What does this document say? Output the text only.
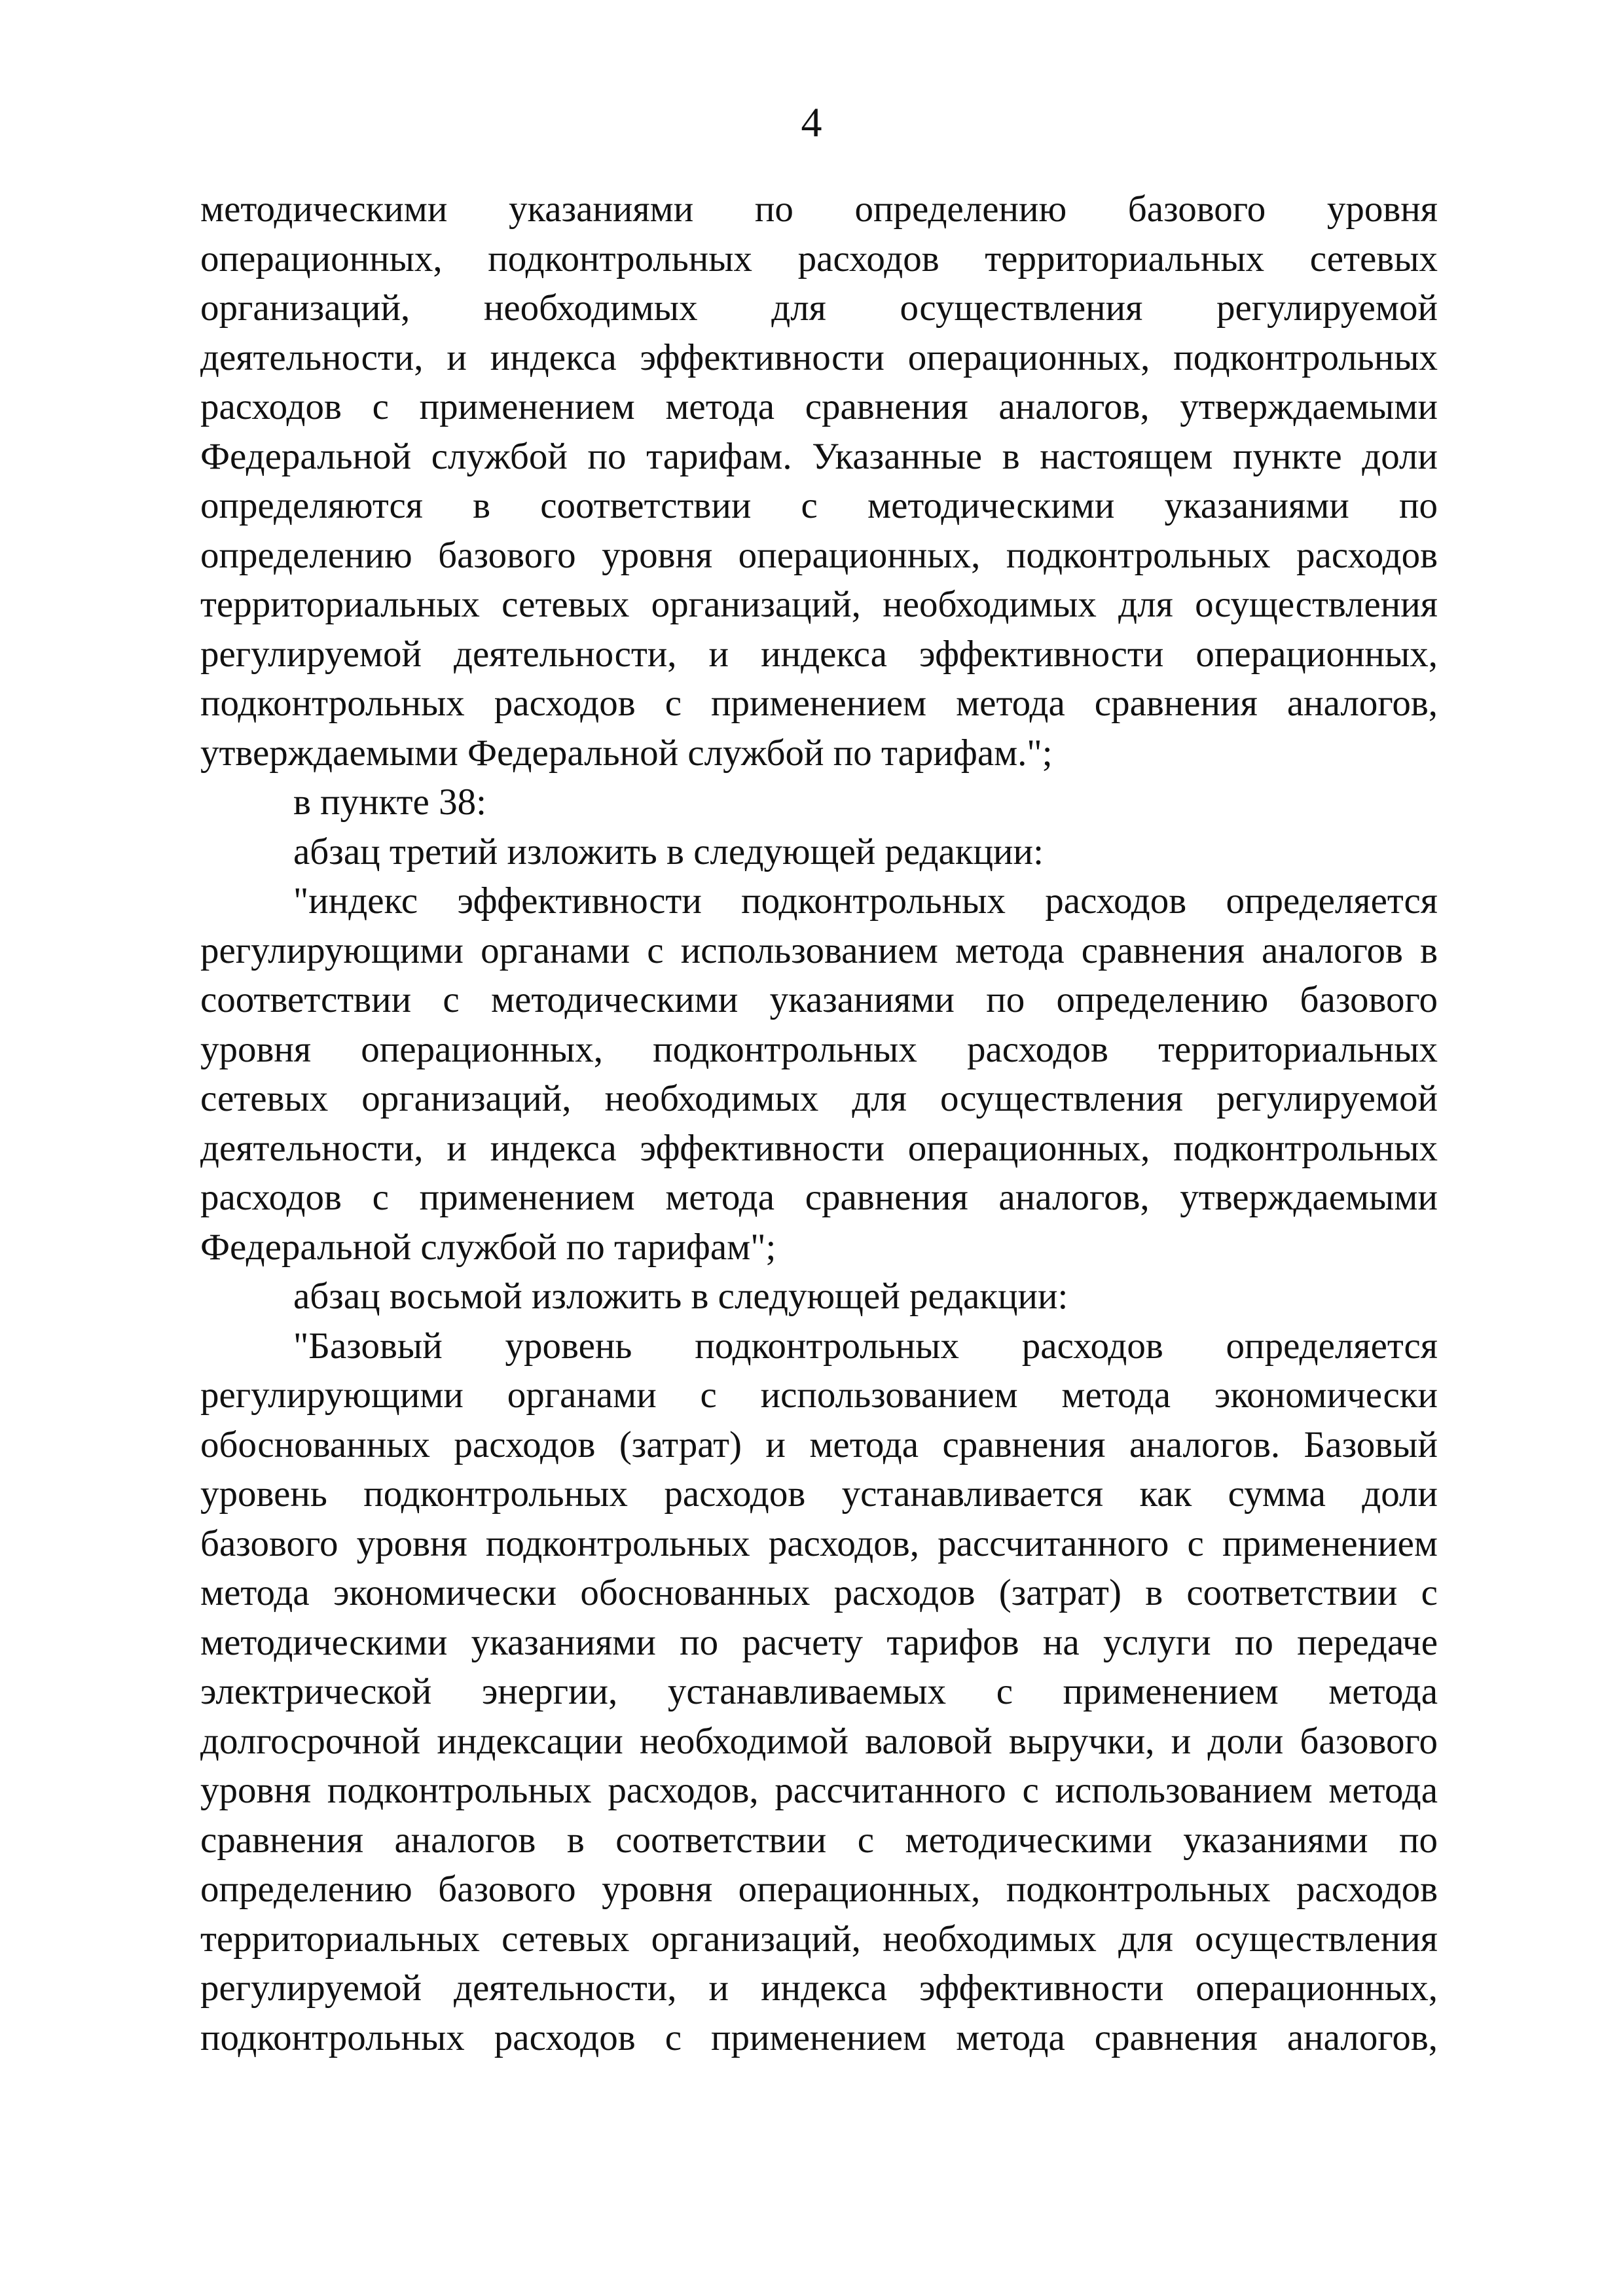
4
методическими указаниями по определению базового уровня
операционных, подконтрольных расходов территориальных сетевых
организаций, необходимых для осуществления регулируемой
деятельности, и индекса эффективности операционных, подконтрольных
расходов с применением метода сравнения аналогов, утверждаемыми
Федеральной службой по тарифам. Указанные в настоящем пункте доли
определяются в соответствии с методическими указаниями по
определению базового уровня операционных, подконтрольных расходов
территориальных сетевых организаций, необходимых для осуществления
регулируемой деятельности, и индекса эффективности операционных,
подконтрольных расходов с применением метода сравнения аналогов,
утверждаемыми Федеральной службой по тарифам.";
в пункте 38:
абзац третий изложить в следующей редакции:
"индекс эффективности подконтрольных расходов определяется
регулирующими органами с использованием метода сравнения аналогов в
соответствии с методическими указаниями по определению базового
уровня операционных, подконтрольных расходов территориальных
сетевых организаций, необходимых для осуществления регулируемой
деятельности, и индекса эффективности операционных, подконтрольных
расходов с применением метода сравнения аналогов, утверждаемыми
Федеральной службой по тарифам";
абзац восьмой изложить в следующей редакции:
"Базовый уровень подконтрольных расходов определяется
регулирующими органами с использованием метода экономически
обоснованных расходов (затрат) и метода сравнения аналогов. Базовый
уровень подконтрольных расходов устанавливается как сумма доли
базового уровня подконтрольных расходов, рассчитанного с применением
метода экономически обоснованных расходов (затрат) в соответствии с
методическими указаниями по расчету тарифов на услуги по передаче
электрической энергии, устанавливаемых с применением метода
долгосрочной индексации необходимой валовой выручки, и доли базового
уровня подконтрольных расходов, рассчитанного с использованием метода
сравнения аналогов в соответствии с методическими указаниями по
определению базового уровня операционных, подконтрольных расходов
территориальных сетевых организаций, необходимых для осуществления
регулируемой деятельности, и индекса эффективности операционных,
подконтрольных расходов с применением метода сравнения аналогов,
